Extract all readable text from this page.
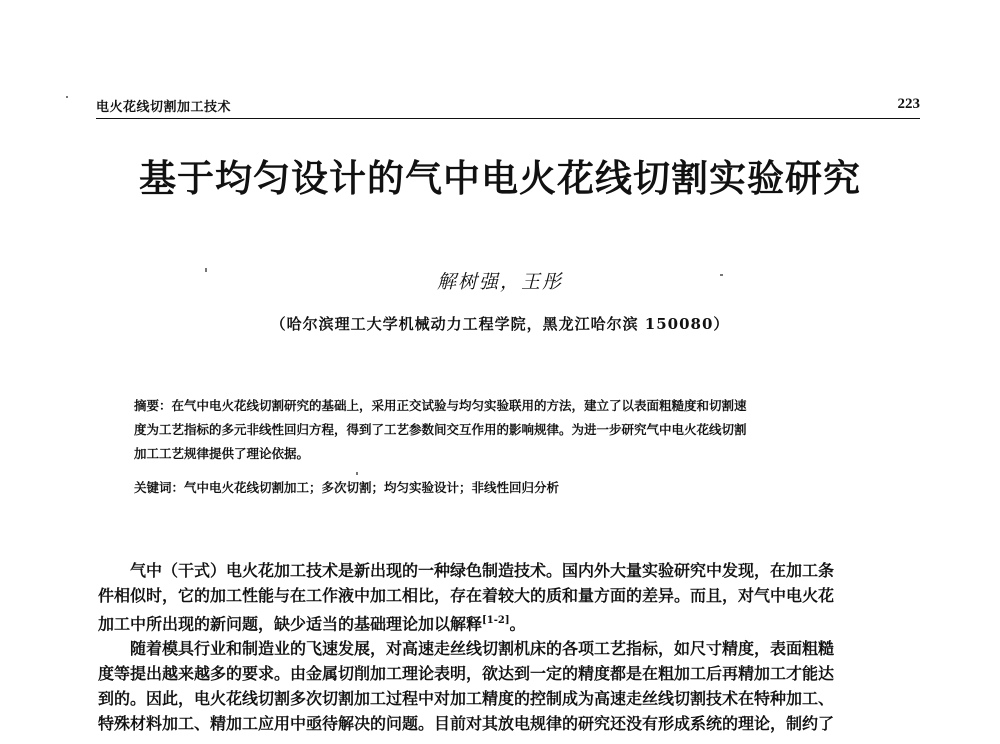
电火花线切割加工技术	223
基于均匀设计的气中电火花线切割实验研究
解树强，王彤
（哈尔滨理工大学机械动力工程学院，黑龙江哈尔滨 150080）

摘要：在气中电火花线切割研究的基础上，采用正交试验与均匀实验联用的方法，建立了以表面粗糙度和切割速
度为工艺指标的多元非线性回归方程，得到了工艺参数间交互作用的影响规律。为进一步研究气中电火花线切割
加工工艺规律提供了理论依据。

关键词：气中电火花线切割加工；多次切割；均匀实验设计；非线性回归分析
气中（干式）电火花加工技术是新出现的一种绿色制造技术。国内外大量实验研究中发现，在加工条
件相似时，它的加工性能与在工作液中加工相比，存在着较大的质和量方面的差异。而且，对气中电火花
加工中所出现的新问题，缺少适当的基础理论加以解释[1-2]。
随着模具行业和制造业的飞速发展，对高速走丝线切割机床的各项工艺指标，如尺寸精度，表面粗糙
度等提出越来越多的要求。由金属切削加工理论表明，欲达到一定的精度都是在粗加工后再精加工才能达
到的。因此，电火花线切割多次切割加工过程中对加工精度的控制成为高速走丝线切割技术在特种加工、
特殊材料加工、精加工应用中亟待解决的问题。目前对其放电规律的研究还没有形成系统的理论，制约了
